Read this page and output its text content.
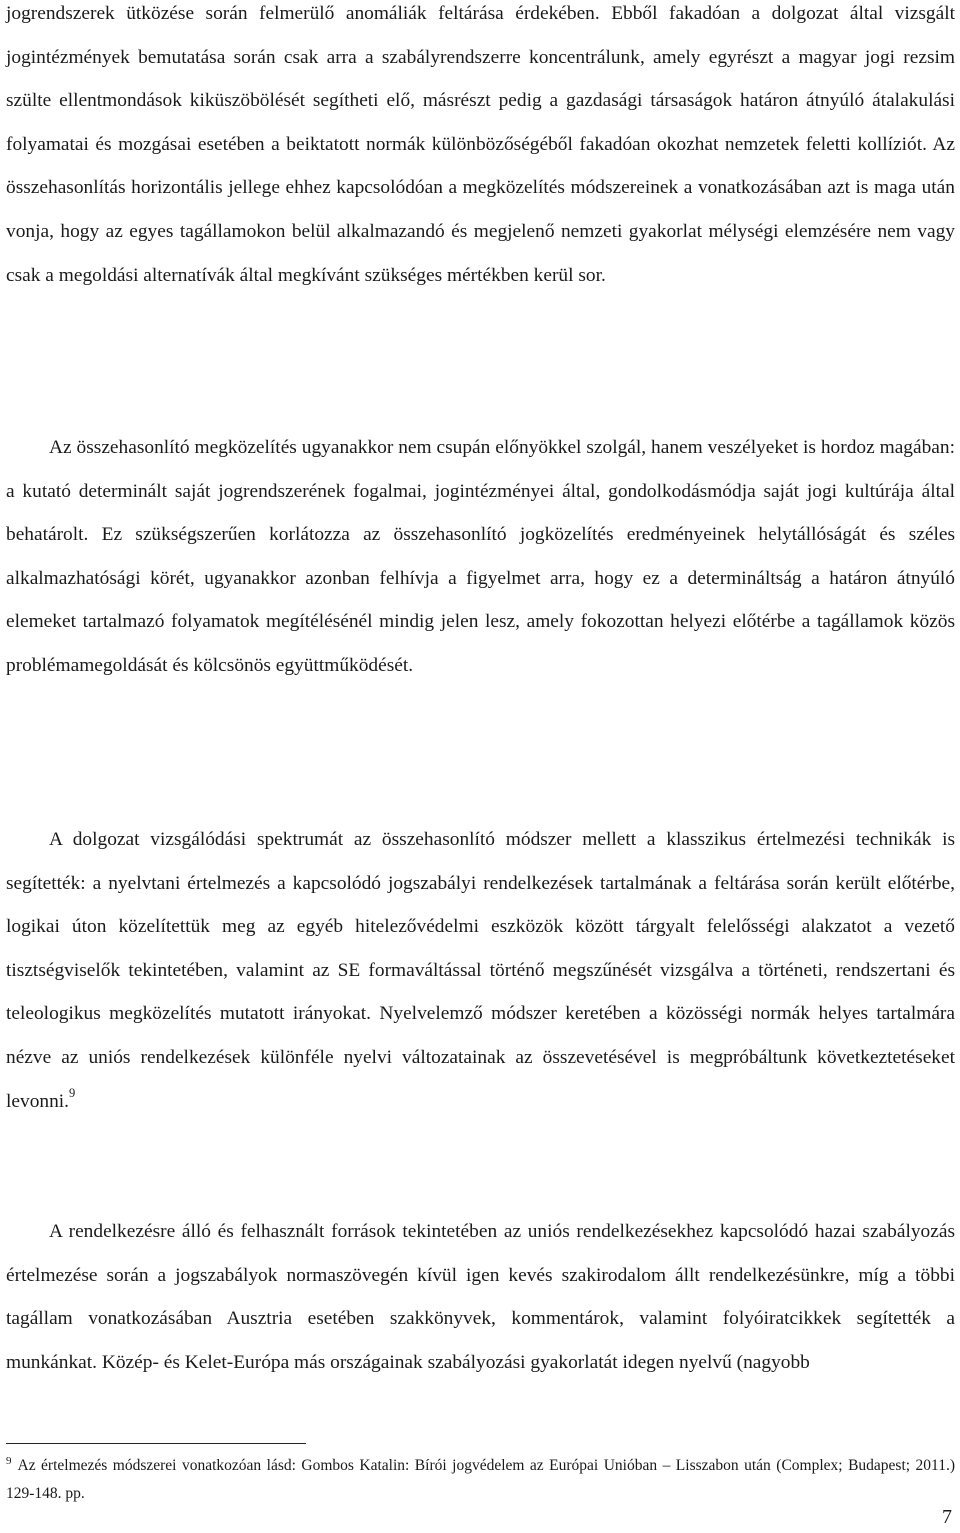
jogrendszerek ütközése során felmerülő anomáliák feltárása érdekében. Ebből fakadóan a dolgozat által vizsgált jogintézmények bemutatása során csak arra a szabályrendszerre koncentrálunk, amely egyrészt a magyar jogi rezsim szülte ellentmondások kiküszöbölését segítheti elő, másrészt pedig a gazdasági társaságok határon átnyúló átalakulási folyamatai és mozgásai esetében a beiktatott normák különbözőségéből fakadóan okozhat nemzetek feletti kollíziót. Az összehasonlítás horizontális jellege ehhez kapcsolódóan a megközelítés módszereinek a vonatkozásában azt is maga után vonja, hogy az egyes tagállamokon belül alkalmazandó és megjelenő nemzeti gyakorlat mélységi elemzésére nem vagy csak a megoldási alternatívák által megkívánt szükséges mértékben kerül sor.

Az összehasonlító megközelítés ugyanakkor nem csupán előnyökkel szolgál, hanem veszélyeket is hordoz magában: a kutató determinált saját jogrendszerének fogalmai, jogintézményei által, gondolkodásmódja saját jogi kultúrája által behatárolt. Ez szükségszerűen korlátozza az összehasonlító jogközelítés eredményeinek helytállóságát és széles alkalmazhatósági körét, ugyanakkor azonban felhívja a figyelmet arra, hogy ez a determináltság a határon átnyúló elemeket tartalmazó folyamatok megítélésénél mindig jelen lesz, amely fokozottan helyezi előtérbe a tagállamok közös problémamegoldását és kölcsönös együttműködését.

A dolgozat vizsgálódási spektrumát az összehasonlító módszer mellett a klasszikus értelmezési technikák is segítették: a nyelvtani értelmezés a kapcsolódó jogszabályi rendelkezések tartalmának a feltárása során került előtérbe, logikai úton közelítettük meg az egyéb hitelezővédelmi eszközök között tárgyalt felelősségi alakzatot a vezető tisztségviselők tekintetében, valamint az SE formaváltással történő megszűnését vizsgálva a történeti, rendszertani és teleologikus megközelítés mutatott irányokat. Nyelvelemző módszer keretében a közösségi normák helyes tartalmára nézve az uniós rendelkezések különféle nyelvi változatainak az összevetésével is megpróbáltunk következtetéseket levonni.$^9$

A rendelkezésre álló és felhasznált források tekintetében az uniós rendelkezésekhez kapcsolódó hazai szabályozás értelmezése során a jogszabályok normaszövegén kívül igen kevés szakirodalom állt rendelkezésünkre, míg a többi tagállam vonatkozásában Ausztria esetében szakkönyvek, kommentárok, valamint folyóiratcikkek segítették a munkánkat. Közép- és Kelet-Európa más országainak szabályozási gyakorlatát idegen nyelvű (nagyobb

$^9$ Az értelmezés módszerei vonatkozóan lásd: Gombos Katalin: Bírói jogvédelem az Európai Unióban – Lisszabon után (Complex; Budapest; 2011.) 129-148. pp.
7
